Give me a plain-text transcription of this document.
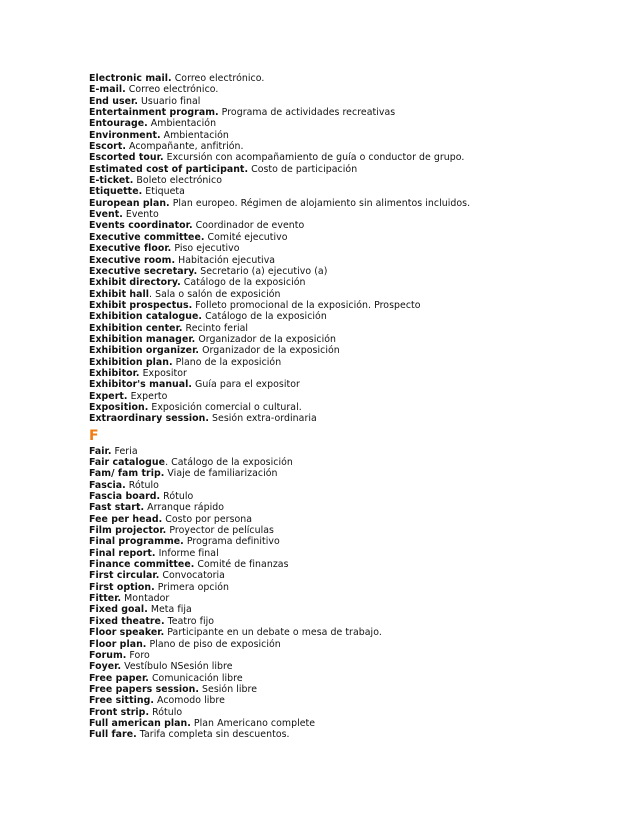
Electronic mail. Correo electrónico.
E-mail. Correo electrónico.
End user. Usuario final
Entertainment program. Programa de actividades recreativas
Entourage. Ambientación
Environment. Ambientación
Escort. Acompañante, anfitrión.
Escorted tour. Excursión con acompañamiento de guía o conductor de grupo.
Estimated cost of participant. Costo de participación
E-ticket. Boleto electrónico
Etiquette. Etiqueta
European plan. Plan europeo. Régimen de alojamiento sin alimentos incluidos.
Event. Evento
Events coordinator. Coordinador de evento
Executive committee. Comité ejecutivo
Executive floor. Piso ejecutivo
Executive room. Habitación ejecutiva
Executive secretary. Secretario (a) ejecutivo (a)
Exhibit directory. Catálogo de la exposición
Exhibit hall. Sala o salón de exposición
Exhibit prospectus. Folleto promocional de la exposición. Prospecto
Exhibition catalogue. Catálogo de la exposición
Exhibition center. Recinto ferial
Exhibition manager. Organizador de la exposición
Exhibition organizer. Organizador de la exposición
Exhibition plan. Plano de la exposición
Exhibitor. Expositor
Exhibitor's manual. Guía para el expositor
Expert. Experto
Exposition. Exposición comercial o cultural.
Extraordinary session. Sesión extra-ordinaria
F
Fair. Feria
Fair catalogue. Catálogo de la exposición
Fam/ fam trip. Viaje de familiarización
Fascia. Rótulo
Fascia board. Rótulo
Fast start. Arranque rápido
Fee per head. Costo por persona
Film projector. Proyector de películas
Final programme. Programa definitivo
Final report. Informe final
Finance committee. Comité de finanzas
First circular. Convocatoria
First option. Primera opción
Fitter. Montador
Fixed goal. Meta fija
Fixed theatre. Teatro fijo
Floor speaker. Participante en un debate o mesa de trabajo.
Floor plan. Plano de piso de exposición
Forum. Foro
Foyer. Vestíbulo NSesión libre
Free paper. Comunicación libre
Free papers session. Sesión libre
Free sitting. Acomodo libre
Front strip. Rótulo
Full american plan. Plan Americano complete
Full fare. Tarifa completa sin descuentos.
